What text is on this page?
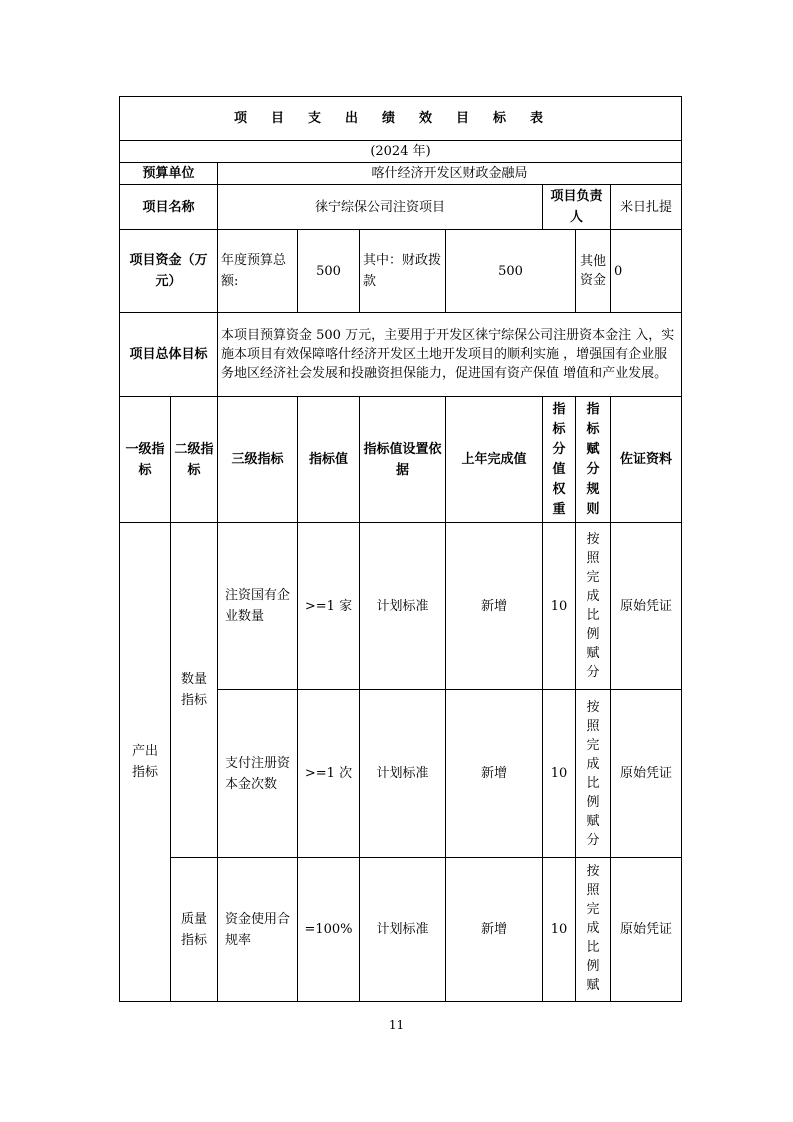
项目支出绩效目标表								
(2024 年)								
预算单位		喀什经济开发区财政金融局						
项目名称		徕宁综保公司注资项目				项目负责人		米日扎提
项目资金（万元）		年度预算总额:	500	其中：财政拨款	500		其他资金	0
项目总体目标		本项目预算资金 500 万元，主要用于开发区徕宁综保公司注册资本金注 入，实施本项目有效保障喀什经济开发区土地开发项目的顺利实施 ，增强国有企业服 务地区经济社会发展和投融资担保能力，促进国有资产保值 增值和产业发展。						
一级指标	二级指标	三级指标	指标值	指标值设置依据	上年完成值	指标分值权重	指标赋分规则	佐证资料
产出指标	数量指标	注资国有企业数量	>=1 家	计划标准	新增	10	按照完成比例赋分	原始凭证
		支付注册资本金次数	>=1 次	计划标准	新增	10	按照完成比例赋分	原始凭证
	质量指标	资金使用合规率	=100%	计划标准	新增	10	按照完成比例赋	原始凭证
11
